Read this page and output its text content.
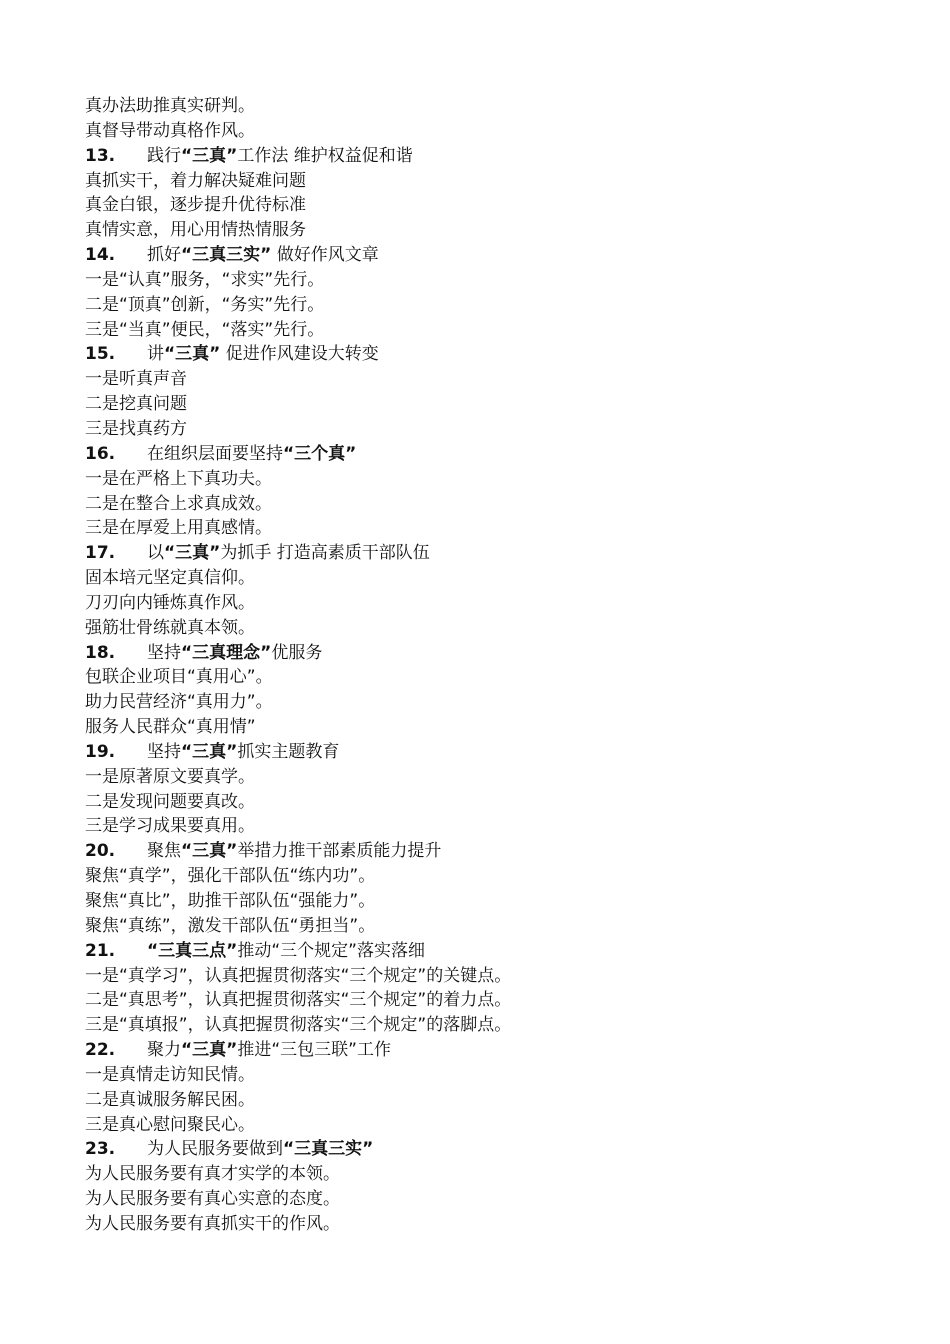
真办法助推真实研判。
真督导带动真格作风。
13. 践行“三真”工作法 维护权益促和谐
真抓实干，着力解决疑难问题
真金白银，逐步提升优待标准
真情实意，用心用情热情服务
14. 抓好“三真三实” 做好作风文章
一是“认真”服务，“求实”先行。
二是“顶真”创新，“务实”先行。
三是“当真”便民，“落实”先行。
15. 讲“三真” 促进作风建设大转变
一是听真声音
二是挖真问题
三是找真药方
16. 在组织层面要坚持“三个真”
一是在严格上下真功夫。
二是在整合上求真成效。
三是在厚爱上用真感情。
17. 以“三真”为抓手 打造高素质干部队伍
固本培元坚定真信仰。
刀刃向内锤炼真作风。
强筋壮骨练就真本领。
18. 坚持“三真理念”优服务
包联企业项目“真用心”。
助力民营经济“真用力”。
服务人民群众“真用情”
19. 坚持“三真”抓实主题教育
一是原著原文要真学。
二是发现问题要真改。
三是学习成果要真用。
20. 聚焦“三真”举措力推干部素质能力提升
聚焦“真学”，强化干部队伍“练内功”。
聚焦“真比”，助推干部队伍“强能力”。
聚焦“真练”，激发干部队伍“勇担当”。
21. “三真三点”推动“三个规定”落实落细
一是“真学习”，认真把握贯彻落实“三个规定”的关键点。
二是“真思考”，认真把握贯彻落实“三个规定”的着力点。
三是“真填报”，认真把握贯彻落实“三个规定”的落脚点。
22. 聚力“三真”推进“三包三联”工作
一是真情走访知民情。
二是真诚服务解民困。
三是真心慰问聚民心。
23. 为人民服务要做到“三真三实”
为人民服务要有真才实学的本领。
为人民服务要有真心实意的态度。
为人民服务要有真抓实干的作风。
